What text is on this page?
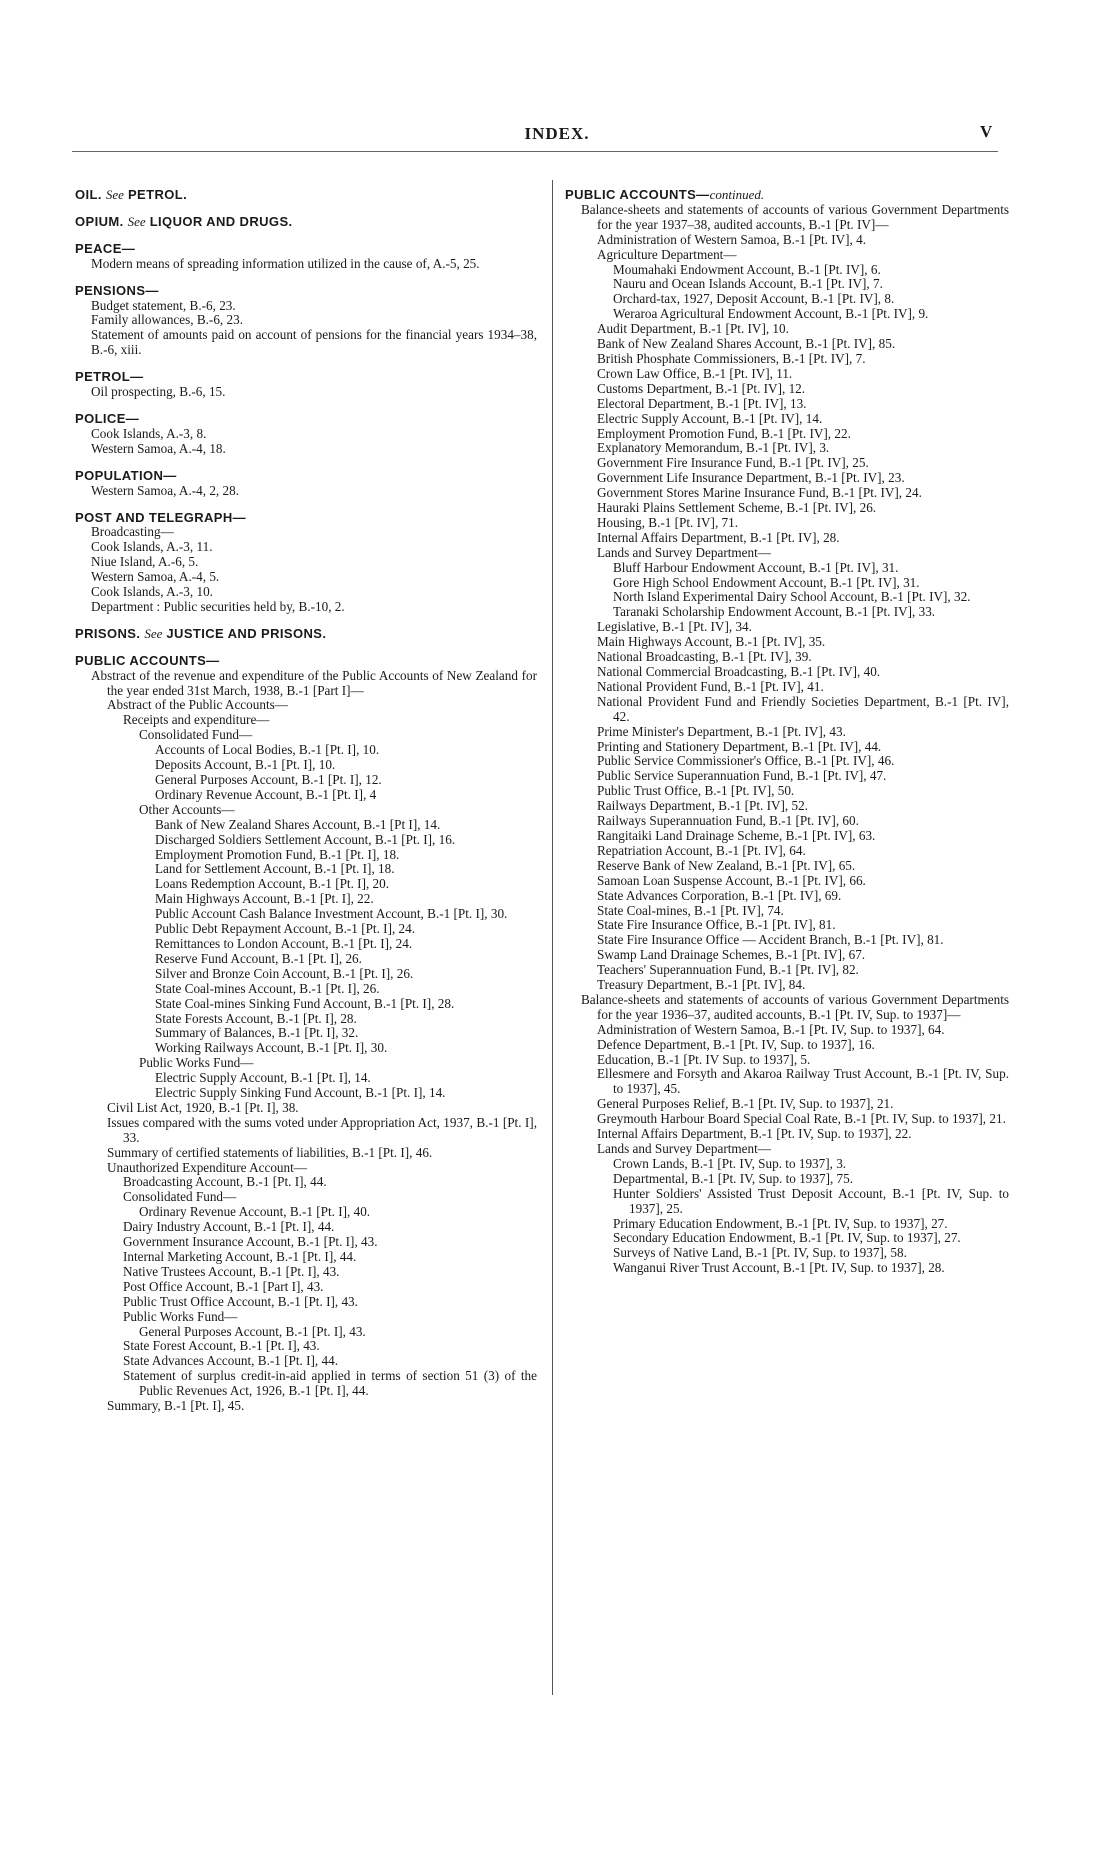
INDEX.	V
OIL. See PETROL.
OPIUM. See LIQUOR AND DRUGS.
PEACE—
Modern means of spreading information utilized in the cause of, A.-5, 25.
PENSIONS—
Budget statement, B.-6, 23.
Family allowances, B.-6, 23.
Statement of amounts paid on account of pensions for the financial years 1934–38, B.-6, xiii.
PETROL—
Oil prospecting, B.-6, 15.
POLICE—
Cook Islands, A.-3, 8.
Western Samoa, A.-4, 18.
POPULATION—
Western Samoa, A.-4, 2, 28.
POST AND TELEGRAPH—
Broadcasting—
Cook Islands, A.-3, 11.
Niue Island, A.-6, 5.
Western Samoa, A.-4, 5.
Cook Islands, A.-3, 10.
Department : Public securities held by, B.-10, 2.
PRISONS. See JUSTICE AND PRISONS.
PUBLIC ACCOUNTS—
Abstract of the revenue and expenditure of the Public Accounts of New Zealand for the year ended 31st March, 1938, B.-1 [Part I]—
Abstract of the Public Accounts—
Receipts and expenditure—
Consolidated Fund—
Accounts of Local Bodies, B.-1 [Pt. I], 10.
Deposits Account, B.-1 [Pt. I], 10.
General Purposes Account, B.-1 [Pt. I], 12.
Ordinary Revenue Account, B.-1 [Pt. I], 4
Other Accounts—
Bank of New Zealand Shares Account, B.-1 [Pt I], 14.
Discharged Soldiers Settlement Account, B.-1 [Pt. I], 16.
Employment Promotion Fund, B.-1 [Pt. I], 18.
Land for Settlement Account, B.-1 [Pt. I], 18.
Loans Redemption Account, B.-1 [Pt. I], 20.
Main Highways Account, B.-1 [Pt. I], 22.
Public Account Cash Balance Investment Account, B.-1 [Pt. I], 30.
Public Debt Repayment Account, B.-1 [Pt. I], 24.
Remittances to London Account, B.-1 [Pt. I], 24.
Reserve Fund Account, B.-1 [Pt. I], 26.
Silver and Bronze Coin Account, B.-1 [Pt. I], 26.
State Coal-mines Account, B.-1 [Pt. I], 26.
State Coal-mines Sinking Fund Account, B.-1 [Pt. I], 28.
State Forests Account, B.-1 [Pt. I], 28.
Summary of Balances, B.-1 [Pt. I], 32.
Working Railways Account, B.-1 [Pt. I], 30.
Public Works Fund—
Electric Supply Account, B.-1 [Pt. I], 14.
Electric Supply Sinking Fund Account, B.-1 [Pt. I], 14.
Civil List Act, 1920, B.-1 [Pt. I], 38.
Issues compared with the sums voted under Appropriation Act, 1937, B.-1 [Pt. I], 33.
Summary of certified statements of liabilities, B.-1 [Pt. I], 46.
Unauthorized Expenditure Account—
Broadcasting Account, B.-1 [Pt. I], 44.
Consolidated Fund—
Ordinary Revenue Account, B.-1 [Pt. I], 40.
Dairy Industry Account, B.-1 [Pt. I], 44.
Government Insurance Account, B.-1 [Pt. I], 43.
Internal Marketing Account, B.-1 [Pt. I], 44.
Native Trustees Account, B.-1 [Pt. I], 43.
Post Office Account, B.-1 [Part I], 43.
Public Trust Office Account, B.-1 [Pt. I], 43.
Public Works Fund—
General Purposes Account, B.-1 [Pt. I], 43.
State Forest Account, B.-1 [Pt. I], 43.
State Advances Account, B.-1 [Pt. I], 44.
Statement of surplus credit-in-aid applied in terms of section 51 (3) of the Public Revenues Act, 1926, B.-1 [Pt. I], 44.
Summary, B.-1 [Pt. I], 45.
PUBLIC ACCOUNTS—continued.
Balance-sheets and statements of accounts of various Government Departments for the year 1937–38, audited accounts, B.-1 [Pt. IV]—
Administration of Western Samoa, B.-1 [Pt. IV], 4.
Agriculture Department—
Moumahaki Endowment Account, B.-1 [Pt. IV], 6.
Nauru and Ocean Islands Account, B.-1 [Pt. IV], 7.
Orchard-tax, 1927, Deposit Account, B.-1 [Pt. IV], 8.
Weraroa Agricultural Endowment Account, B.-1 [Pt. IV], 9.
Audit Department, B.-1 [Pt. IV], 10.
Bank of New Zealand Shares Account, B.-1 [Pt. IV], 85.
British Phosphate Commissioners, B.-1 [Pt. IV], 7.
Crown Law Office, B.-1 [Pt. IV], 11.
Customs Department, B.-1 [Pt. IV], 12.
Electoral Department, B.-1 [Pt. IV], 13.
Electric Supply Account, B.-1 [Pt. IV], 14.
Employment Promotion Fund, B.-1 [Pt. IV], 22.
Explanatory Memorandum, B.-1 [Pt. IV], 3.
Government Fire Insurance Fund, B.-1 [Pt. IV], 25.
Government Life Insurance Department, B.-1 [Pt. IV], 23.
Government Stores Marine Insurance Fund, B.-1 [Pt. IV], 24.
Hauraki Plains Settlement Scheme, B.-1 [Pt. IV], 26.
Housing, B.-1 [Pt. IV], 71.
Internal Affairs Department, B.-1 [Pt. IV], 28.
Lands and Survey Department—
Bluff Harbour Endowment Account, B.-1 [Pt. IV], 31.
Gore High School Endowment Account, B.-1 [Pt. IV], 31.
North Island Experimental Dairy School Account, B.-1 [Pt. IV], 32.
Taranaki Scholarship Endowment Account, B.-1 [Pt. IV], 33.
Legislative, B.-1 [Pt. IV], 34.
Main Highways Account, B.-1 [Pt. IV], 35.
National Broadcasting, B.-1 [Pt. IV], 39.
National Commercial Broadcasting, B.-1 [Pt. IV], 40.
National Provident Fund, B.-1 [Pt. IV], 41.
National Provident Fund and Friendly Societies Department, B.-1 [Pt. IV], 42.
Prime Minister's Department, B.-1 [Pt. IV], 43.
Printing and Stationery Department, B.-1 [Pt. IV], 44.
Public Service Commissioner's Office, B.-1 [Pt. IV], 46.
Public Service Superannuation Fund, B.-1 [Pt. IV], 47.
Public Trust Office, B.-1 [Pt. IV], 50.
Railways Department, B.-1 [Pt. IV], 52.
Railways Superannuation Fund, B.-1 [Pt. IV], 60.
Rangitaiki Land Drainage Scheme, B.-1 [Pt. IV], 63.
Repatriation Account, B.-1 [Pt. IV], 64.
Reserve Bank of New Zealand, B.-1 [Pt. IV], 65.
Samoan Loan Suspense Account, B.-1 [Pt. IV], 66.
State Advances Corporation, B.-1 [Pt. IV], 69.
State Coal-mines, B.-1 [Pt. IV], 74.
State Fire Insurance Office, B.-1 [Pt. IV], 81.
State Fire Insurance Office — Accident Branch, B.-1 [Pt. IV], 81.
Swamp Land Drainage Schemes, B.-1 [Pt. IV], 67.
Teachers' Superannuation Fund, B.-1 [Pt. IV], 82.
Treasury Department, B.-1 [Pt. IV], 84.
Balance-sheets and statements of accounts of various Government Departments for the year 1936–37, audited accounts, B.-1 [Pt. IV, Sup. to 1937]—
Administration of Western Samoa, B.-1 [Pt. IV, Sup. to 1937], 64.
Defence Department, B.-1 [Pt. IV, Sup. to 1937], 16.
Education, B.-1 [Pt. IV Sup. to 1937], 5.
Ellesmere and Forsyth and Akaroa Railway Trust Account, B.-1 [Pt. IV, Sup. to 1937], 45.
General Purposes Relief, B.-1 [Pt. IV, Sup. to 1937], 21.
Greymouth Harbour Board Special Coal Rate, B.-1 [Pt. IV, Sup. to 1937], 21.
Internal Affairs Department, B.-1 [Pt. IV, Sup. to 1937], 22.
Lands and Survey Department—
Crown Lands, B.-1 [Pt. IV, Sup. to 1937], 3.
Departmental, B.-1 [Pt. IV, Sup. to 1937], 75.
Hunter Soldiers' Assisted Trust Deposit Account, B.-1 [Pt. IV, Sup. to 1937], 25.
Primary Education Endowment, B.-1 [Pt. IV, Sup. to 1937], 27.
Secondary Education Endowment, B.-1 [Pt. IV, Sup. to 1937], 27.
Surveys of Native Land, B.-1 [Pt. IV, Sup. to 1937], 58.
Wanganui River Trust Account, B.-1 [Pt. IV, Sup. to 1937], 28.
